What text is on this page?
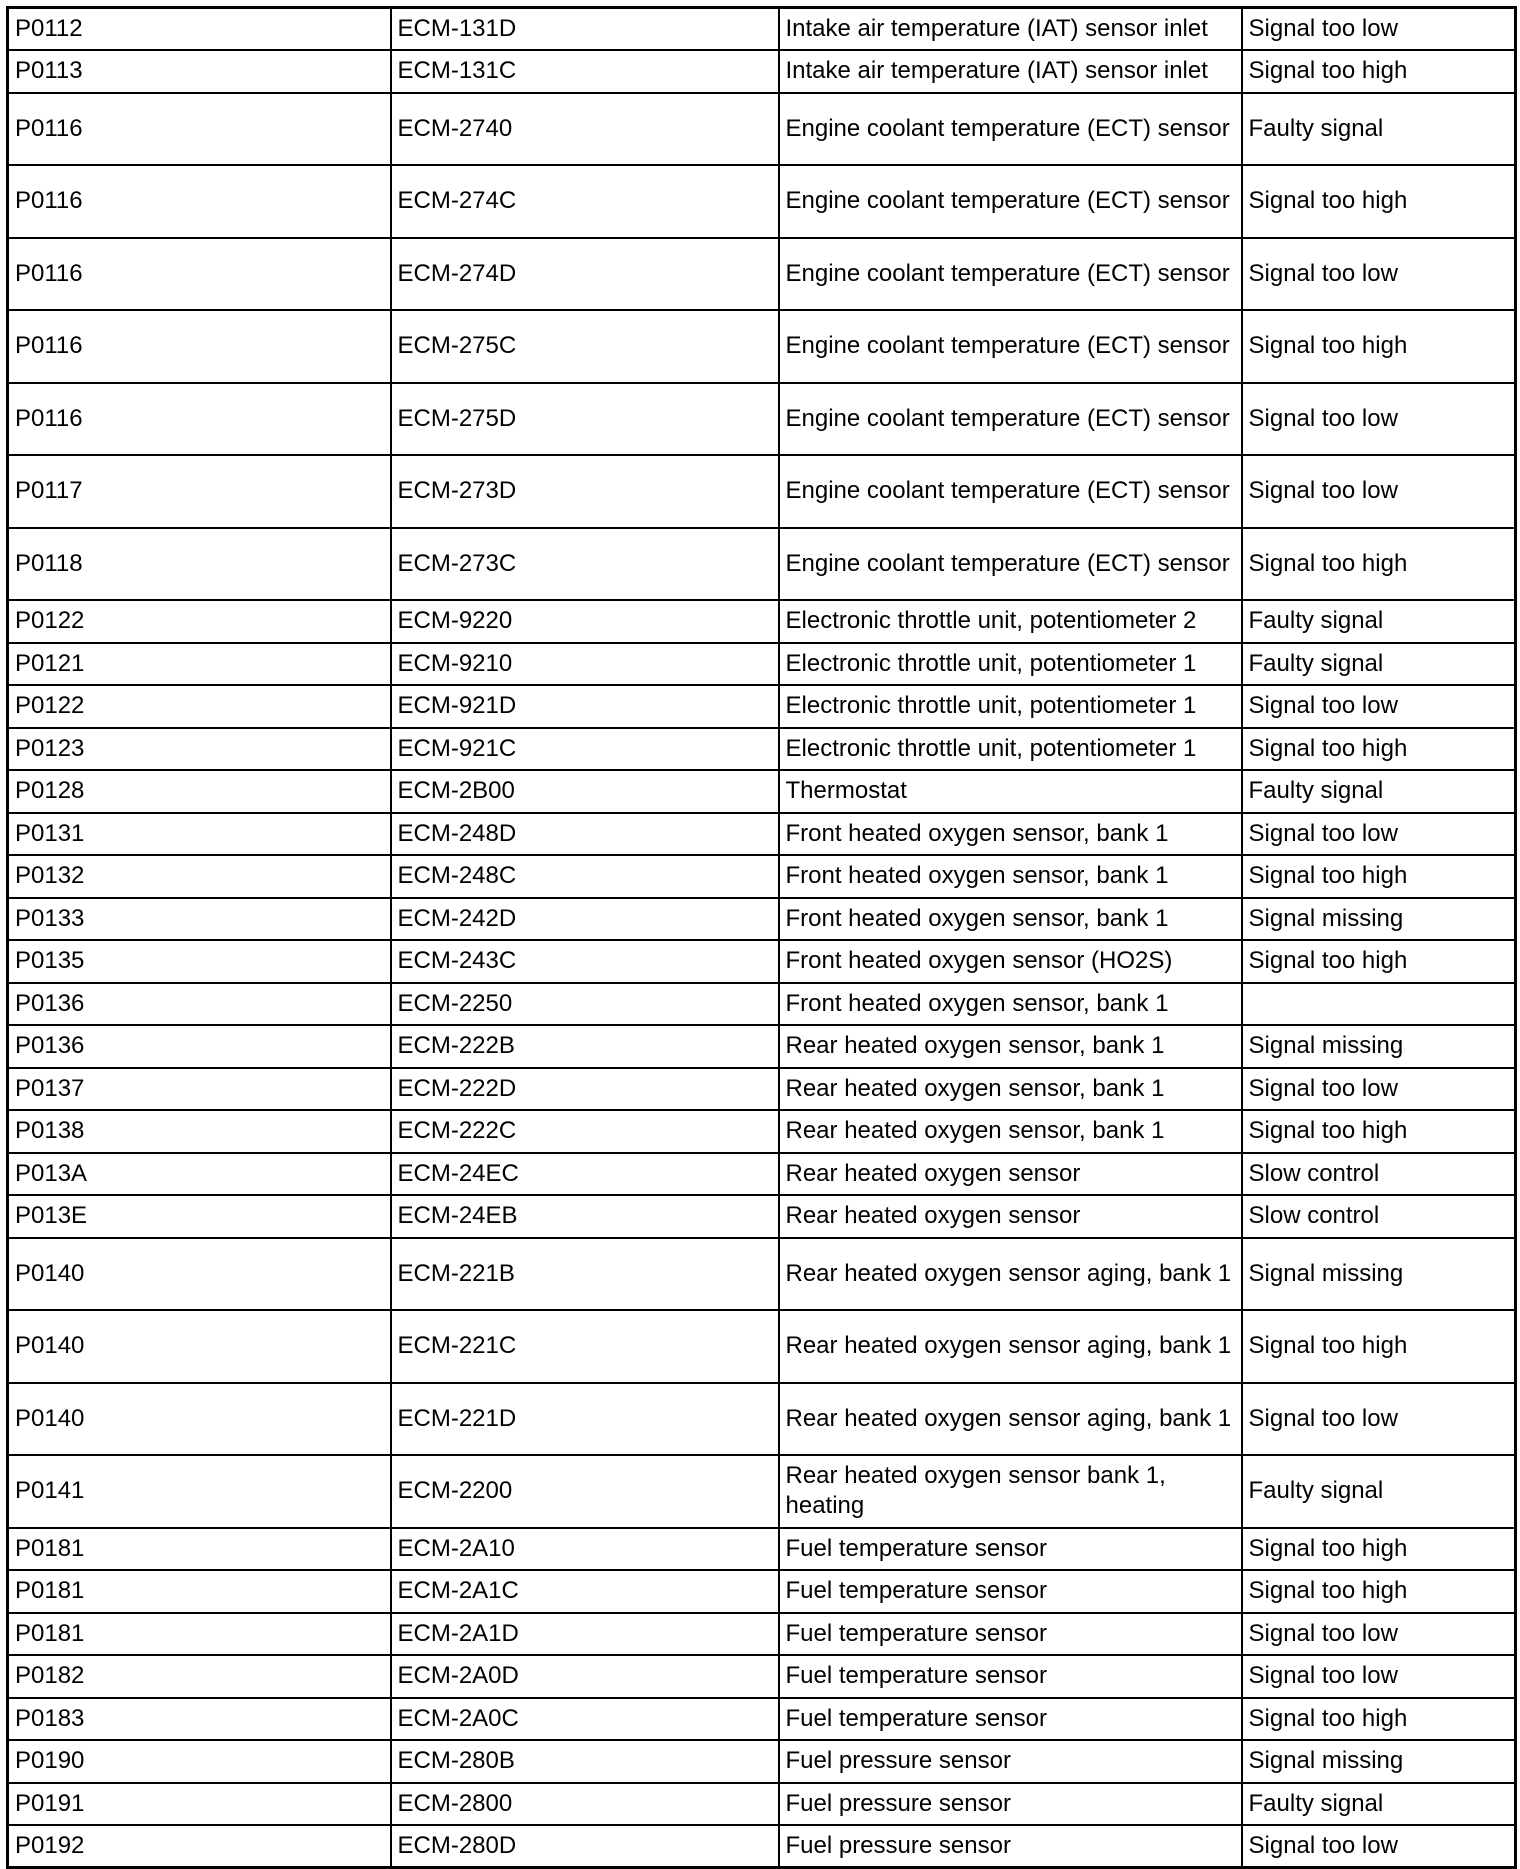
P0112	ECM-131D	Intake air temperature (IAT) sensor inlet	Signal too low
P0113	ECM-131C	Intake air temperature (IAT) sensor inlet	Signal too high
P0116	ECM-2740	Engine coolant temperature (ECT) sensor	Faulty signal
P0116	ECM-274C	Engine coolant temperature (ECT) sensor	Signal too high
P0116	ECM-274D	Engine coolant temperature (ECT) sensor	Signal too low
P0116	ECM-275C	Engine coolant temperature (ECT) sensor	Signal too high
P0116	ECM-275D	Engine coolant temperature (ECT) sensor	Signal too low
P0117	ECM-273D	Engine coolant temperature (ECT) sensor	Signal too low
P0118	ECM-273C	Engine coolant temperature (ECT) sensor	Signal too high
P0122	ECM-9220	Electronic throttle unit, potentiometer 2	Faulty signal
P0121	ECM-9210	Electronic throttle unit, potentiometer 1	Faulty signal
P0122	ECM-921D	Electronic throttle unit, potentiometer 1	Signal too low
P0123	ECM-921C	Electronic throttle unit, potentiometer 1	Signal too high
P0128	ECM-2B00	Thermostat	Faulty signal
P0131	ECM-248D	Front heated oxygen sensor, bank 1	Signal too low
P0132	ECM-248C	Front heated oxygen sensor, bank 1	Signal too high
P0133	ECM-242D	Front heated oxygen sensor, bank 1	Signal missing
P0135	ECM-243C	Front heated oxygen sensor (HO2S)	Signal too high
P0136	ECM-2250	Front heated oxygen sensor, bank 1	
P0136	ECM-222B	Rear heated oxygen sensor, bank 1	Signal missing
P0137	ECM-222D	Rear heated oxygen sensor, bank 1	Signal too low
P0138	ECM-222C	Rear heated oxygen sensor, bank 1	Signal too high
P013A	ECM-24EC	Rear heated oxygen sensor	Slow control
P013E	ECM-24EB	Rear heated oxygen sensor	Slow control
P0140	ECM-221B	Rear heated oxygen sensor aging, bank 1	Signal missing
P0140	ECM-221C	Rear heated oxygen sensor aging, bank 1	Signal too high
P0140	ECM-221D	Rear heated oxygen sensor aging, bank 1	Signal too low
P0141	ECM-2200	Rear heated oxygen sensor bank 1, heating	Faulty signal
P0181	ECM-2A10	Fuel temperature sensor	Signal too high
P0181	ECM-2A1C	Fuel temperature sensor	Signal too high
P0181	ECM-2A1D	Fuel temperature sensor	Signal too low
P0182	ECM-2A0D	Fuel temperature sensor	Signal too low
P0183	ECM-2A0C	Fuel temperature sensor	Signal too high
P0190	ECM-280B	Fuel pressure sensor	Signal missing
P0191	ECM-2800	Fuel pressure sensor	Faulty signal
P0192	ECM-280D	Fuel pressure sensor	Signal too low
